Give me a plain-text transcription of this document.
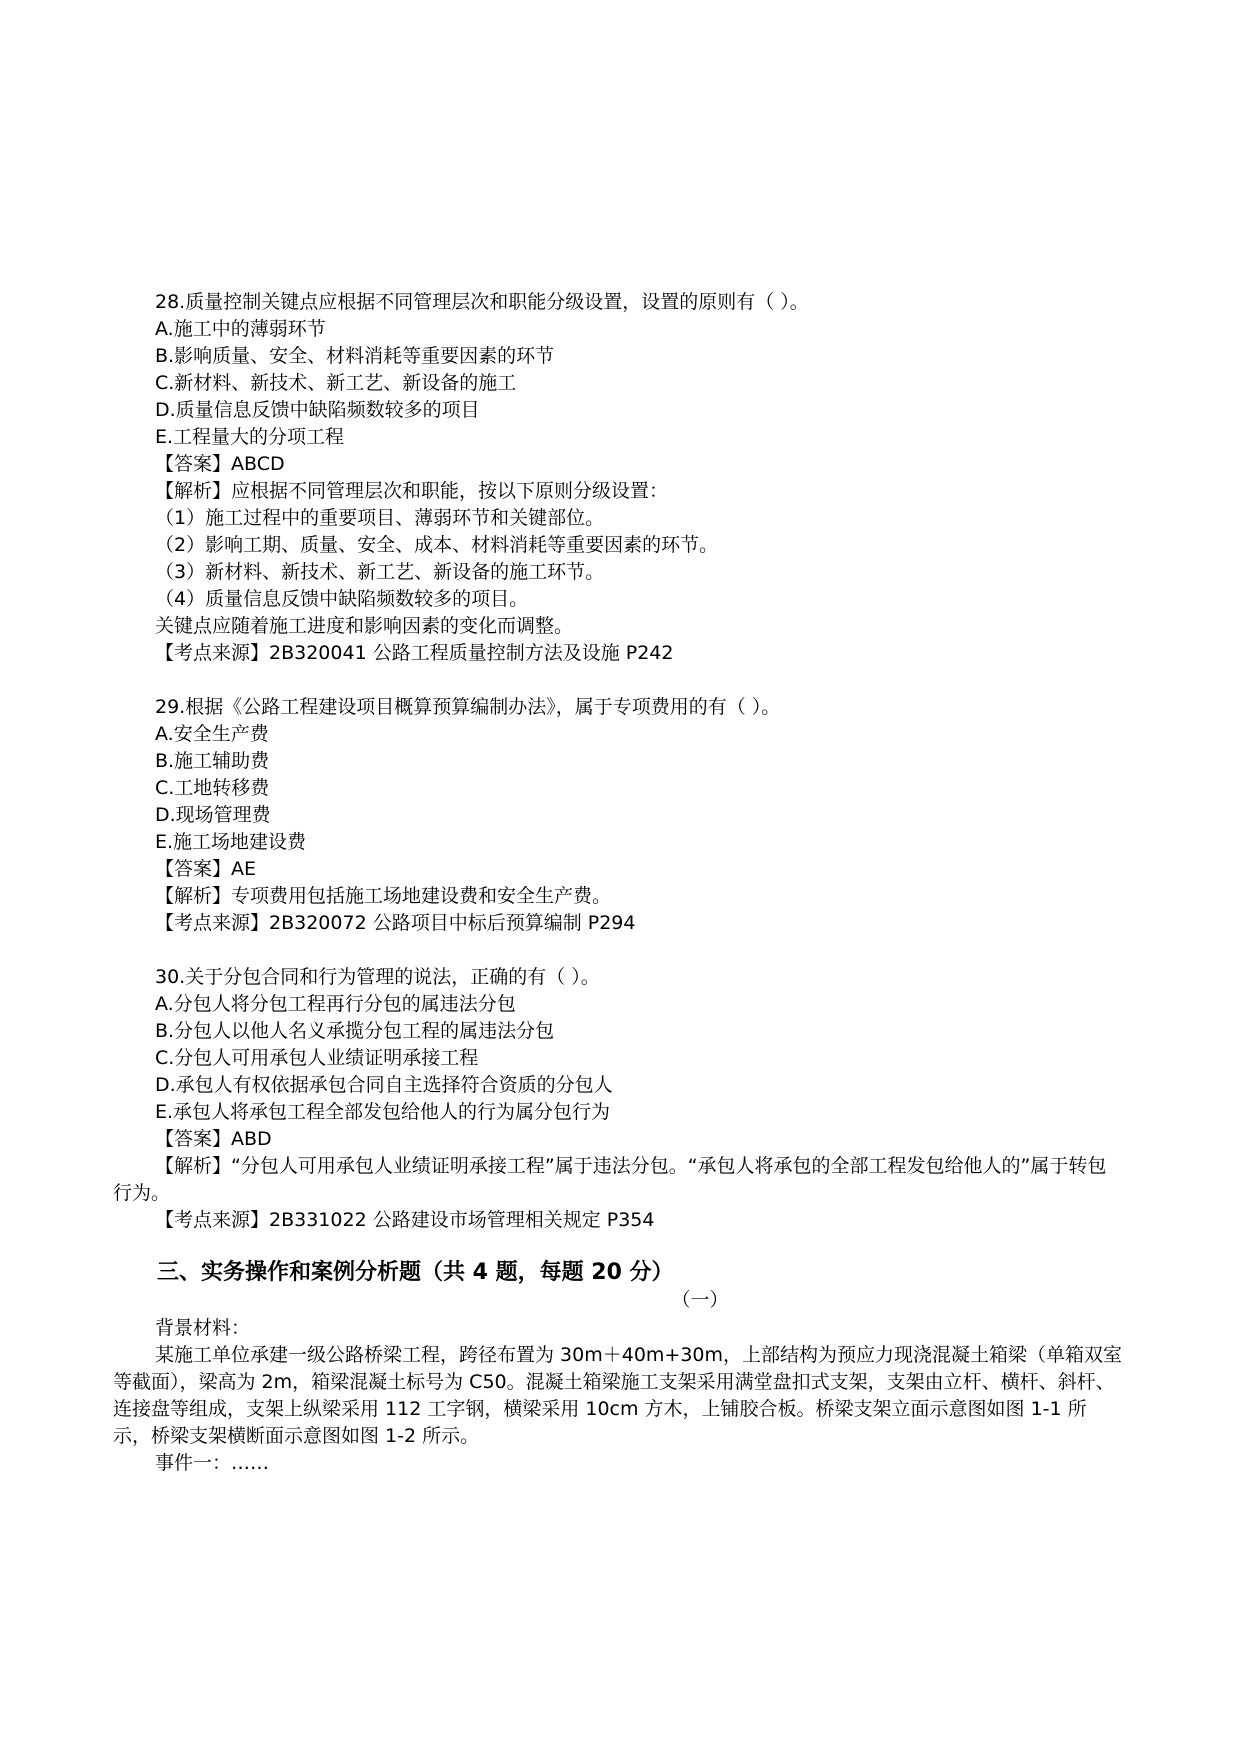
28.质量控制关键点应根据不同管理层次和职能分级设置，设置的原则有（ ）。
A.施工中的薄弱环节
B.影响质量、安全、材料消耗等重要因素的环节
C.新材料、新技术、新工艺、新设备的施工
D.质量信息反馈中缺陷频数较多的项目
E.工程量大的分项工程
【答案】ABCD
【解析】应根据不同管理层次和职能，按以下原则分级设置：
（1）施工过程中的重要项目、薄弱环节和关键部位。
（2）影响工期、质量、安全、成本、材料消耗等重要因素的环节。
（3）新材料、新技术、新工艺、新设备的施工环节。
（4）质量信息反馈中缺陷频数较多的项目。
关键点应随着施工进度和影响因素的变化而调整。
【考点来源】2B320041 公路工程质量控制方法及设施 P242
29.根据《公路工程建设项目概算预算编制办法》，属于专项费用的有（ ）。
A.安全生产费
B.施工辅助费
C.工地转移费
D.现场管理费
E.施工场地建设费
【答案】AE
【解析】专项费用包括施工场地建设费和安全生产费。
【考点来源】2B320072 公路项目中标后预算编制 P294
30.关于分包合同和行为管理的说法，正确的有（ ）。
A.分包人将分包工程再行分包的属违法分包
B.分包人以他人名义承揽分包工程的属违法分包
C.分包人可用承包人业绩证明承接工程
D.承包人有权依据承包合同自主选择符合资质的分包人
E.承包人将承包工程全部发包给他人的行为属分包行为
【答案】ABD
【解析】“分包人可用承包人业绩证明承接工程”属于违法分包。“承包人将承包的全部工程发包给他人的”属于转包行为。
【考点来源】2B331022 公路建设市场管理相关规定 P354
三、实务操作和案例分析题（共 4 题，每题 20 分）
（一）
背景材料：
某施工单位承建一级公路桥梁工程，跨径布置为 30m＋40m+30m，上部结构为预应力现浇混凝土箱梁（单箱双室等截面），梁高为 2m，箱梁混凝土标号为 C50。混凝土箱梁施工支架采用满堂盘扣式支架，支架由立杆、横杆、斜杆、连接盘等组成，支架上纵梁采用 112 工字钢，横梁采用 10cm 方木，上铺胶合板。桥梁支架立面示意图如图 1-1 所示，桥梁支架横断面示意图如图 1-2 所示。
事件一：……
